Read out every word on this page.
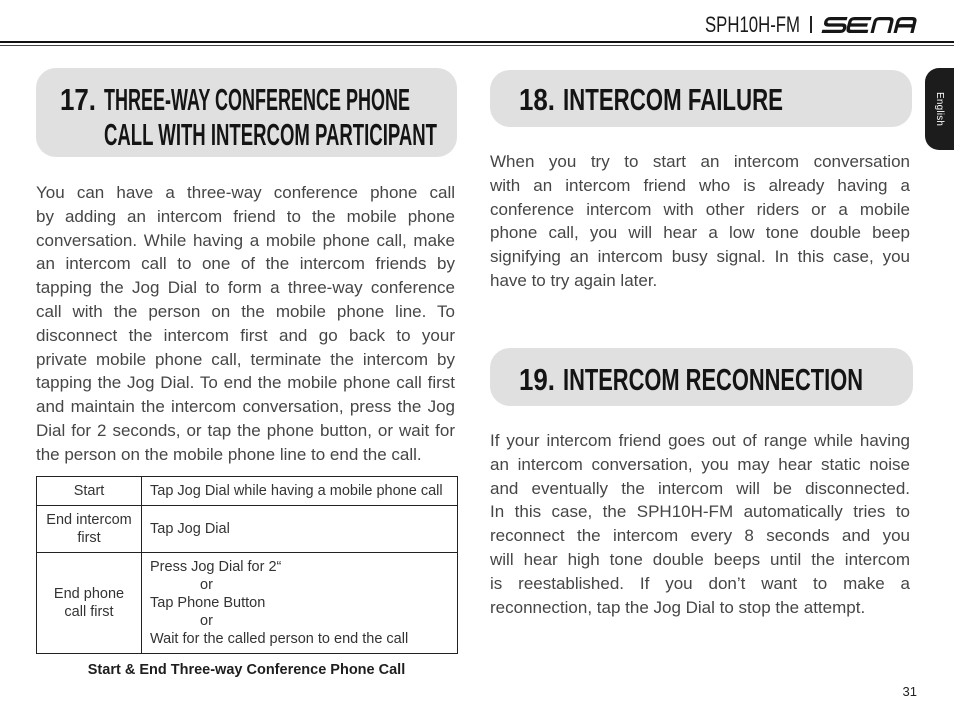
SPH10H-FM
English
17. THREE-WAY CONFERENCE PHONE
CALL WITH INTERCOM PARTICIPANT
You can have a three-way conference phone call
by adding an intercom friend to the mobile phone
conversation. While having a mobile phone call, make
an intercom call to one of the intercom friends by
tapping the Jog Dial to form a three-way conference
call with the person on the mobile phone line. To
disconnect the intercom first and go back to your
private mobile phone call, terminate the intercom by
tapping the Jog Dial. To end the mobile phone call first
and maintain the intercom conversation, press the Jog
Dial for 2 seconds, or tap the phone button, or wait for
the person on the mobile phone line to end the call.
Start	Tap Jog Dial while having a mobile phone call

End intercom first	Tap Jog Dial

End phone call first	Press Jog Dial for 2“
or
Tap Phone Button
or
Wait for the called person to end the call
Start & End Three-way Conference Phone Call
18. INTERCOM FAILURE
When you try to start an intercom conversation
with an intercom friend who is already having a
conference intercom with other riders or a mobile
phone call, you will hear a low tone double beep
signifying an intercom busy signal. In this case, you
have to try again later.
19. INTERCOM RECONNECTION
If your intercom friend goes out of range while having
an intercom conversation, you may hear static noise
and eventually the intercom will be disconnected.
In this case, the SPH10H-FM automatically tries to
reconnect the intercom every 8 seconds and you
will hear high tone double beeps until the intercom
is reestablished. If you don’t want to make a
reconnection, tap the Jog Dial to stop the attempt.
31
